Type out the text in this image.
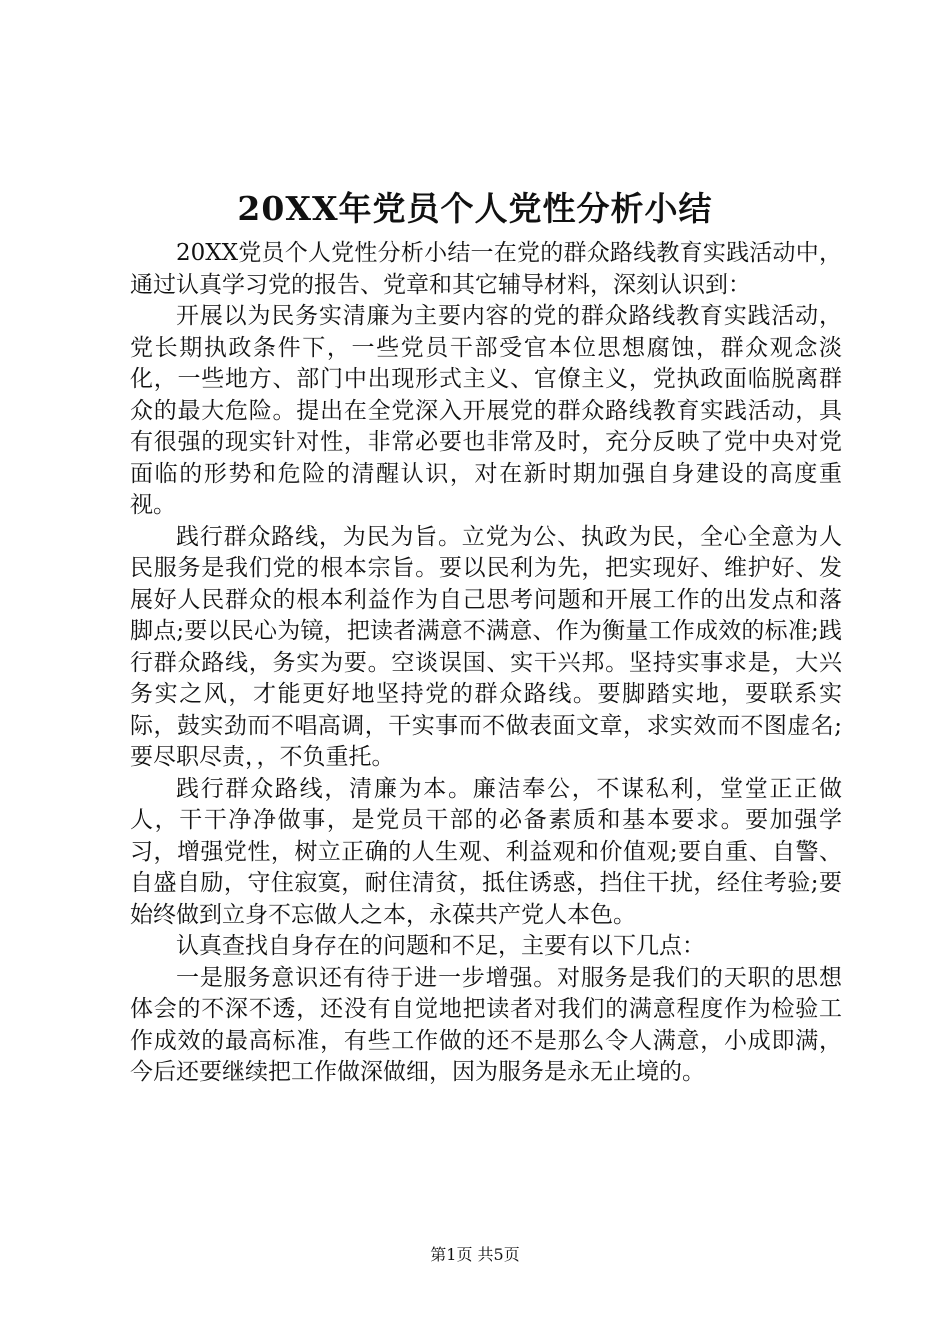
20XX年党员个人党性分析小结

20XX党员个人党性分析小结一在党的群众路线教育实践活动中，通过认真学习党的报告、党章和其它辅导材料，深刻认识到：

开展以为民务实清廉为主要内容的党的群众路线教育实践活动，党长期执政条件下，一些党员干部受官本位思想腐蚀，群众观念淡化，一些地方、部门中出现形式主义、官僚主义，党执政面临脱离群众的最大危险。提出在全党深入开展党的群众路线教育实践活动，具有很强的现实针对性，非常必要也非常及时，充分反映了党中央对党面临的形势和危险的清醒认识，对在新时期加强自身建设的高度重视。

践行群众路线，为民为旨。立党为公、执政为民，全心全意为人民服务是我们党的根本宗旨。要以民利为先，把实现好、维护好、发展好人民群众的根本利益作为自己思考问题和开展工作的出发点和落脚点;要以民心为镜，把读者满意不满意、作为衡量工作成效的标准;践行群众路线，务实为要。空谈误国、实干兴邦。坚持实事求是，大兴务实之风，才能更好地坚持党的群众路线。要脚踏实地，要联系实际，鼓实劲而不唱高调，干实事而不做表面文章，求实效而不图虚名;要尽职尽责，，不负重托。

践行群众路线，清廉为本。廉洁奉公，不谋私利，堂堂正正做人，干干净净做事，是党员干部的必备素质和基本要求。要加强学习，增强党性，树立正确的人生观、利益观和价值观;要自重、自警、自盛自励，守住寂寞，耐住清贫，抵住诱惑，挡住干扰，经住考验;要始终做到立身不忘做人之本，永葆共产党人本色。

认真查找自身存在的问题和不足，主要有以下几点：

一是服务意识还有待于进一步增强。对服务是我们的天职的思想体会的不深不透，还没有自觉地把读者对我们的满意程度作为检验工作成效的最高标准，有些工作做的还不是那么令人满意，小成即满，今后还要继续把工作做深做细，因为服务是永无止境的。

第1页 共5页
